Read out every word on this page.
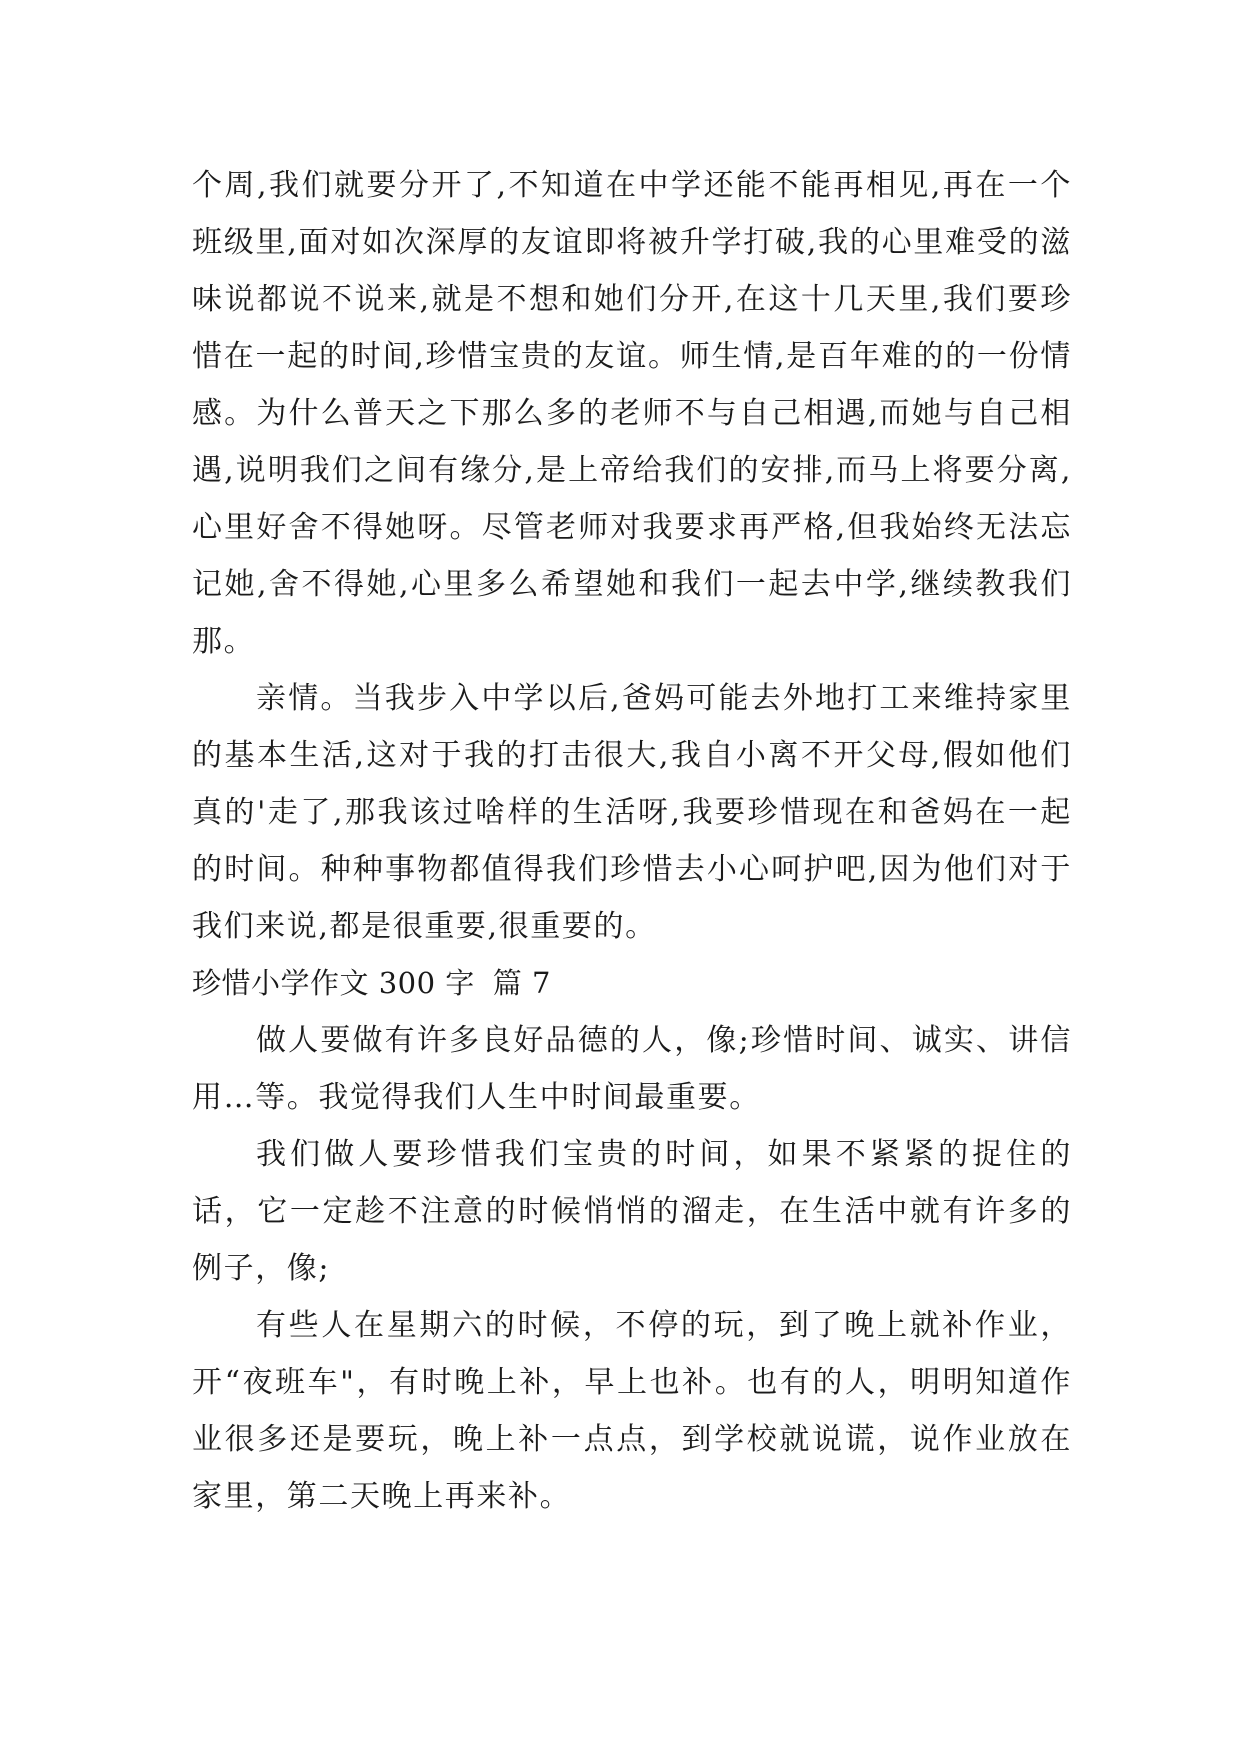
个周,我们就要分开了,不知道在中学还能不能再相见,再在一个班级里,面对如次深厚的友谊即将被升学打破,我的心里难受的滋味说都说不说来,就是不想和她们分开,在这十几天里,我们要珍惜在一起的时间,珍惜宝贵的友谊。师生情,是百年难的的一份情感。为什么普天之下那么多的老师不与自己相遇,而她与自己相遇,说明我们之间有缘分,是上帝给我们的安排,而马上将要分离,心里好舍不得她呀。尽管老师对我要求再严格,但我始终无法忘记她,舍不得她,心里多么希望她和我们一起去中学,继续教我们那。

亲情。当我步入中学以后,爸妈可能去外地打工来维持家里的基本生活,这对于我的打击很大,我自小离不开父母,假如他们真的'走了,那我该过啥样的生活呀,我要珍惜现在和爸妈在一起的时间。种种事物都值得我们珍惜去小心呵护吧,因为他们对于我们来说,都是很重要,很重要的。

珍惜小学作文 300 字 篇 7

做人要做有许多良好品德的人，像;珍惜时间、诚实、讲信用…等。我觉得我们人生中时间最重要。

我们做人要珍惜我们宝贵的时间，如果不紧紧的捉住的话，它一定趁不注意的时候悄悄的溜走，在生活中就有许多的例子，像;

有些人在星期六的时候，不停的玩，到了晚上就补作业，开“夜班车"，有时晚上补，早上也补。也有的人，明明知道作业很多还是要玩，晚上补一点点，到学校就说谎，说作业放在家里，第二天晚上再来补。
